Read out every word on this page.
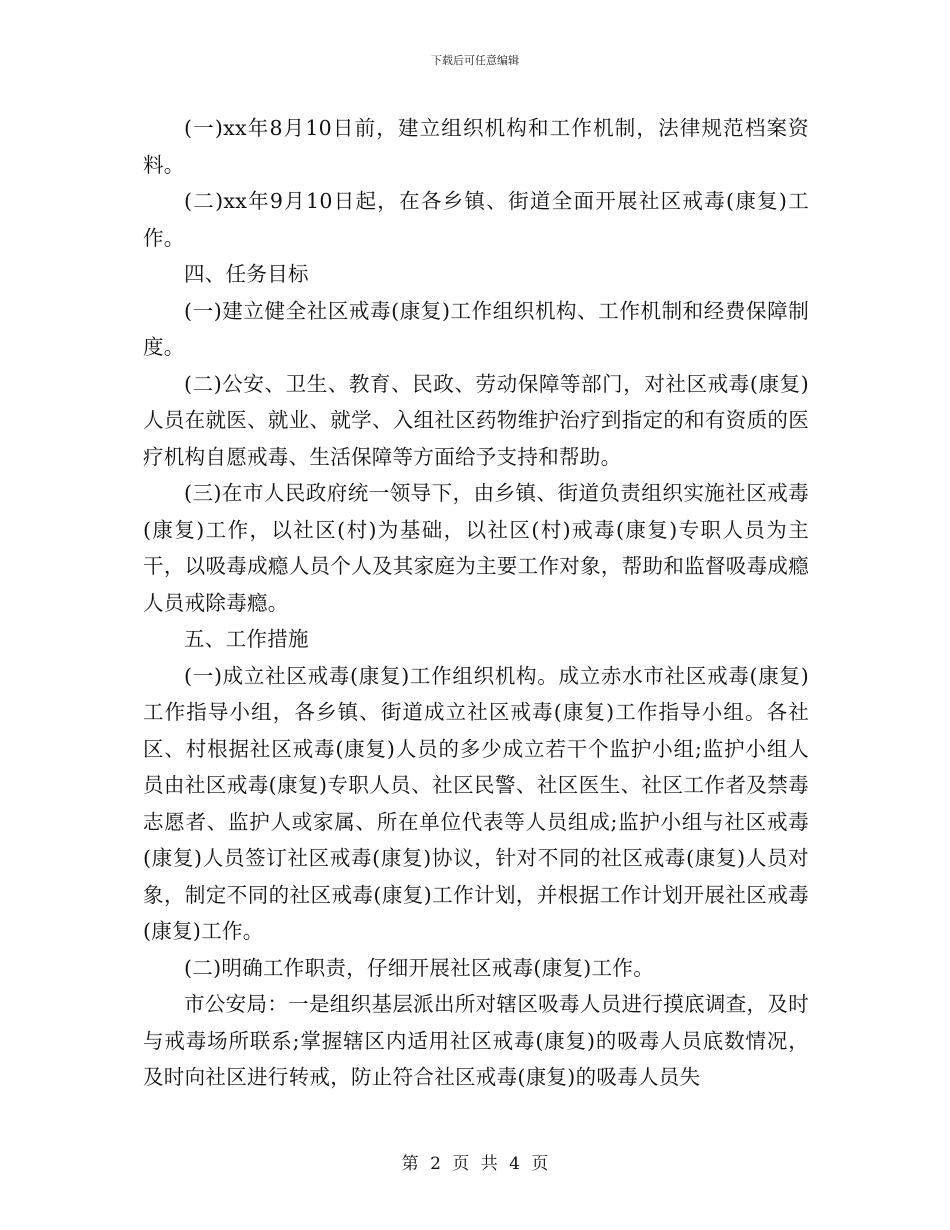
下载后可任意编辑

(一)xx年8月10日前，建立组织机构和工作机制，法律规范档案资料。

(二)xx年9月10日起，在各乡镇、街道全面开展社区戒毒(康复)工作。

四、任务目标

(一)建立健全社区戒毒(康复)工作组织机构、工作机制和经费保障制度。

(二)公安、卫生、教育、民政、劳动保障等部门，对社区戒毒(康复)人员在就医、就业、就学、入组社区药物维护治疗到指定的和有资质的医疗机构自愿戒毒、生活保障等方面给予支持和帮助。

(三)在市人民政府统一领导下，由乡镇、街道负责组织实施社区戒毒(康复)工作，以社区(村)为基础，以社区(村)戒毒(康复)专职人员为主干，以吸毒成瘾人员个人及其家庭为主要工作对象，帮助和监督吸毒成瘾人员戒除毒瘾。

五、工作措施

(一)成立社区戒毒(康复)工作组织机构。成立赤水市社区戒毒(康复)工作指导小组，各乡镇、街道成立社区戒毒(康复)工作指导小组。各社区、村根据社区戒毒(康复)人员的多少成立若干个监护小组;监护小组人员由社区戒毒(康复)专职人员、社区民警、社区医生、社区工作者及禁毒志愿者、监护人或家属、所在单位代表等人员组成;监护小组与社区戒毒(康复)人员签订社区戒毒(康复)协议，针对不同的社区戒毒(康复)人员对象，制定不同的社区戒毒(康复)工作计划，并根据工作计划开展社区戒毒(康复)工作。

(二)明确工作职责，仔细开展社区戒毒(康复)工作。

市公安局：一是组织基层派出所对辖区吸毒人员进行摸底调查，及时与戒毒场所联系;掌握辖区内适用社区戒毒(康复)的吸毒人员底数情况，及时向社区进行转戒，防止符合社区戒毒(康复)的吸毒人员失

第 2 页 共 4 页
